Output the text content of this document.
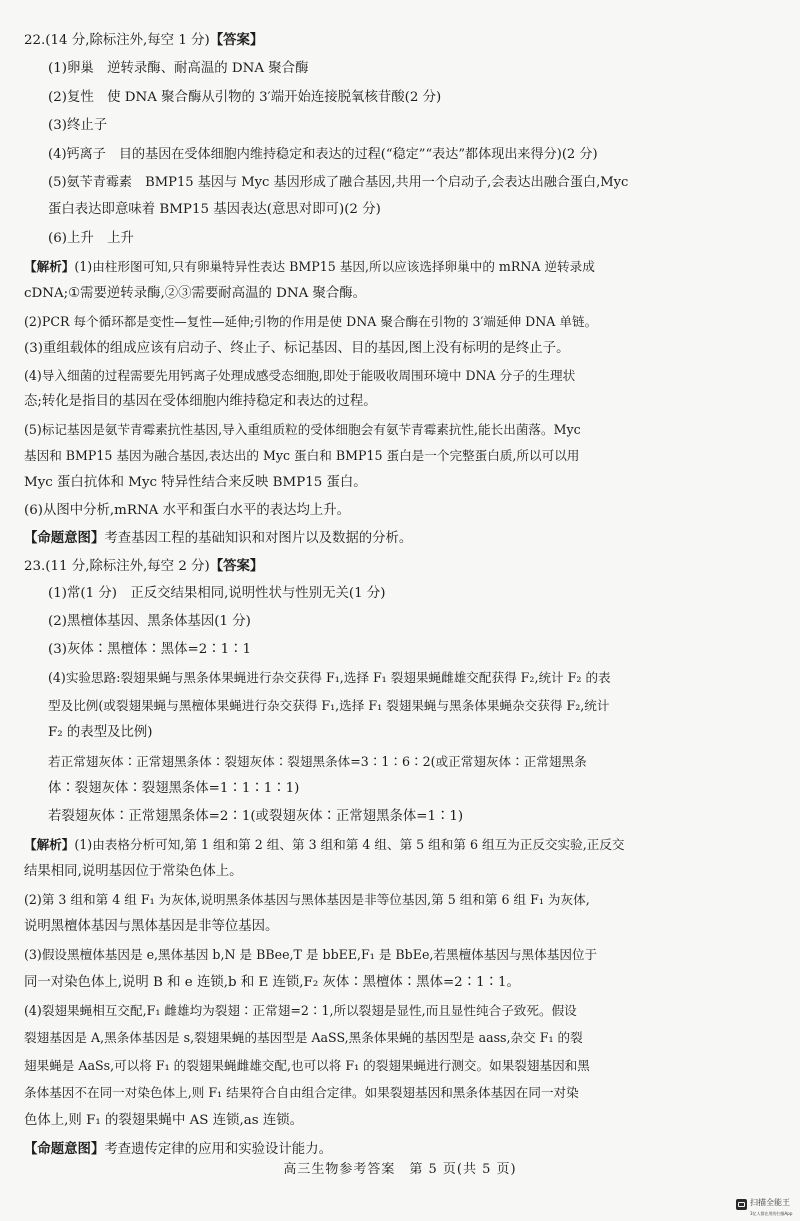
22.(14 分,除标注外,每空 1 分)【答案】
(1)卵巢　逆转录酶、耐高温的 DNA 聚合酶
(2)复性　使 DNA 聚合酶从引物的 3′端开始连接脱氧核苷酸(2 分)
(3)终止子
(4)钙离子　目的基因在受体细胞内维持稳定和表达的过程(“稳定”“表达”都体现出来得分)(2 分)
(5)氨苄青霉素　BMP15 基因与 Myc 基因形成了融合基因,共用一个启动子,会表达出融合蛋白,Myc
蛋白表达即意味着 BMP15 基因表达(意思对即可)(2 分)
(6)上升　上升
【解析】(1)由柱形图可知,只有卵巢特异性表达 BMP15 基因,所以应该选择卵巢中的 mRNA 逆转录成
cDNA;①需要逆转录酶,②③需要耐高温的 DNA 聚合酶。
(2)PCR 每个循环都是变性—复性—延伸;引物的作用是使 DNA 聚合酶在引物的 3′端延伸 DNA 单链。
(3)重组载体的组成应该有启动子、终止子、标记基因、目的基因,图上没有标明的是终止子。
(4)导入细菌的过程需要先用钙离子处理成感受态细胞,即处于能吸收周围环境中 DNA 分子的生理状
态;转化是指目的基因在受体细胞内维持稳定和表达的过程。
(5)标记基因是氨苄青霉素抗性基因,导入重组质粒的受体细胞会有氨苄青霉素抗性,能长出菌落。Myc
基因和 BMP15 基因为融合基因,表达出的 Myc 蛋白和 BMP15 蛋白是一个完整蛋白质,所以可以用
Myc 蛋白抗体和 Myc 特异性结合来反映 BMP15 蛋白。
(6)从图中分析,mRNA 水平和蛋白水平的表达均上升。
【命题意图】考查基因工程的基础知识和对图片以及数据的分析。
23.(11 分,除标注外,每空 2 分)【答案】
(1)常(1 分)　正反交结果相同,说明性状与性别无关(1 分)
(2)黑檀体基因、黑条体基因(1 分)
(3)灰体∶黑檀体∶黑体=2∶1∶1
(4)实验思路:裂翅果蝇与黑条体果蝇进行杂交获得 F₁,选择 F₁ 裂翅果蝇雌雄交配获得 F₂,统计 F₂ 的表
型及比例(或裂翅果蝇与黑檀体果蝇进行杂交获得 F₁,选择 F₁ 裂翅果蝇与黑条体果蝇杂交获得 F₂,统计
F₂ 的表型及比例)
若正常翅灰体∶正常翅黑条体∶裂翅灰体∶裂翅黑条体=3∶1∶6∶2(或正常翅灰体∶正常翅黑条
体∶裂翅灰体∶裂翅黑条体=1∶1∶1∶1)
若裂翅灰体∶正常翅黑条体=2∶1(或裂翅灰体∶正常翅黑条体=1∶1)
【解析】(1)由表格分析可知,第 1 组和第 2 组、第 3 组和第 4 组、第 5 组和第 6 组互为正反交实验,正反交
结果相同,说明基因位于常染色体上。
(2)第 3 组和第 4 组 F₁ 为灰体,说明黑条体基因与黑体基因是非等位基因,第 5 组和第 6 组 F₁ 为灰体,
说明黑檀体基因与黑体基因是非等位基因。
(3)假设黑檀体基因是 e,黑体基因 b,N 是 BBee,T 是 bbEE,F₁ 是 BbEe,若黑檀体基因与黑体基因位于
同一对染色体上,说明 B 和 e 连锁,b 和 E 连锁,F₂ 灰体∶黑檀体∶黑体=2∶1∶1。
(4)裂翅果蝇相互交配,F₁ 雌雄均为裂翅∶正常翅=2∶1,所以裂翅是显性,而且显性纯合子致死。假设
裂翅基因是 A,黑条体基因是 s,裂翅果蝇的基因型是 AaSS,黑条体果蝇的基因型是 aass,杂交 F₁ 的裂
翅果蝇是 AaSs,可以将 F₁ 的裂翅果蝇雌雄交配,也可以将 F₁ 的裂翅果蝇进行测交。如果裂翅基因和黑
条体基因不在同一对染色体上,则 F₁ 结果符合自由组合定律。如果裂翅基因和黑条体基因在同一对染
色体上,则 F₁ 的裂翅果蝇中 AS 连锁,as 连锁。
【命题意图】考查遗传定律的应用和实验设计能力。
高三生物参考答案　第 5 页(共 5 页)
扫描全能王
3亿人都在用的扫描App
